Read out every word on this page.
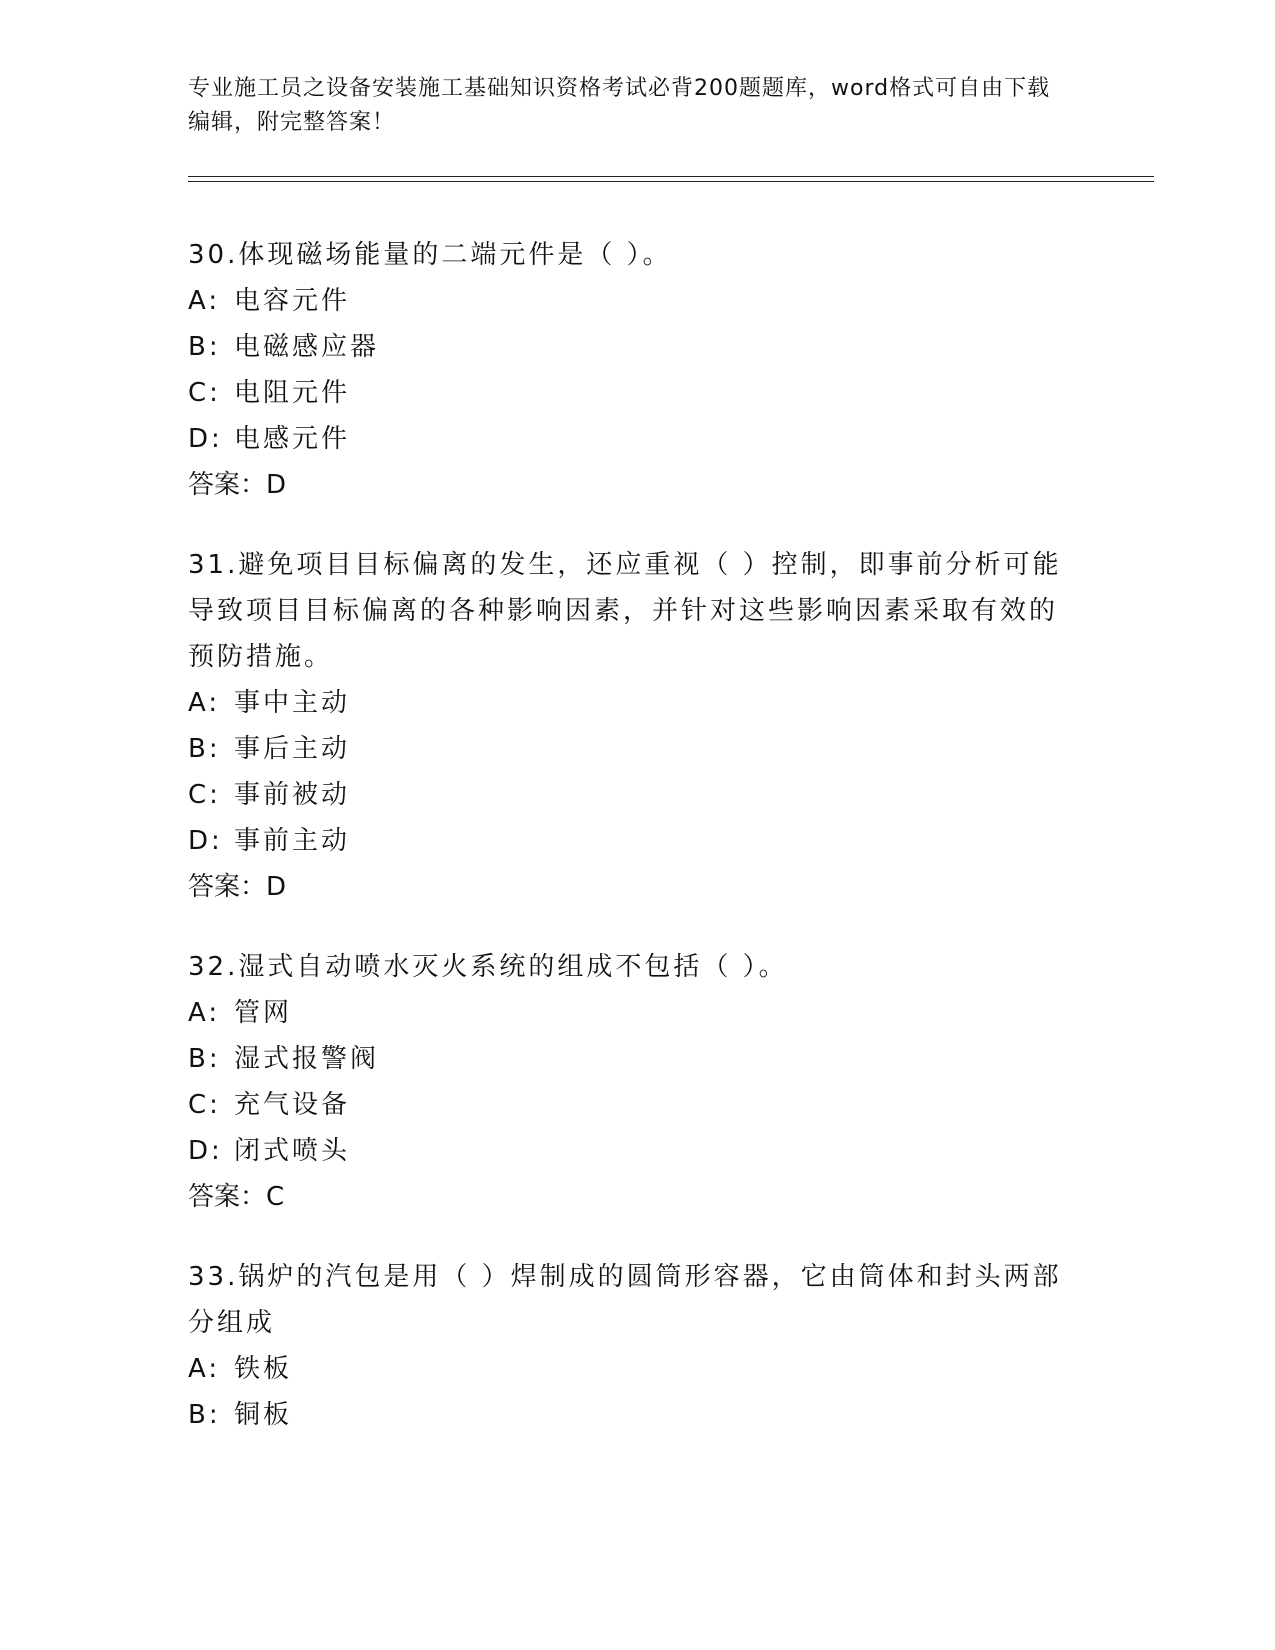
专业施工员之设备安装施工基础知识资格考试必背200题题库，word格式可自由下载编辑，附完整答案！
30.体现磁场能量的二端元件是（ ）。
A: 电容元件
B: 电磁感应器
C: 电阻元件
D: 电感元件
答案：D
31.避免项目目标偏离的发生，还应重视（ ）控制，即事前分析可能导致项目目标偏离的各种影响因素，并针对这些影响因素采取有效的预防措施。
A: 事中主动
B: 事后主动
C: 事前被动
D: 事前主动
答案：D
32.湿式自动喷水灭火系统的组成不包括（ ）。
A: 管网
B: 湿式报警阀
C: 充气设备
D: 闭式喷头
答案：C
33.锅炉的汽包是用（ ）焊制成的圆筒形容器，它由筒体和封头两部分组成
A: 铁板
B: 铜板
